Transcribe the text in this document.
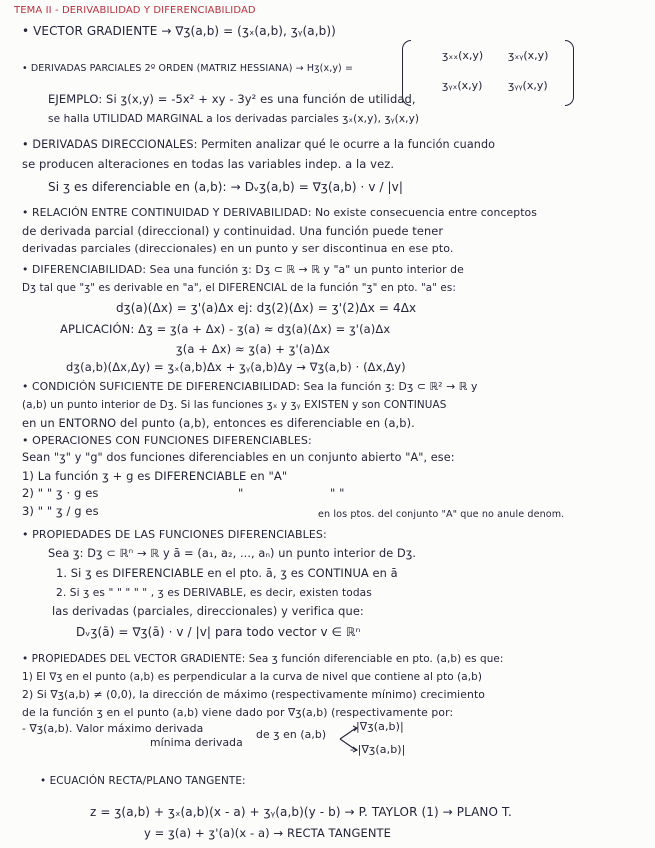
TEMA II - DERIVABILIDAD Y DIFERENCIABILIDAD
• VECTOR GRADIENTE → ∇ʒ(a,b) = (ʒₓ(a,b), ʒᵧ(a,b))
• DERIVADAS PARCIALES 2º ORDEN (MATRIZ HESSIANA) → Hʒ(x,y) =
ʒₓₓ(x,y) ʒₓᵧ(x,y)
ʒᵧₓ(x,y) ʒᵧᵧ(x,y)
EJEMPLO: Si ʒ(x,y) = -5x² + xy - 3y² es una función de utilidad,
se halla UTILIDAD MARGINAL a los derivadas parciales ʒₓ(x,y), ʒᵧ(x,y)
• DERIVADAS DIRECCIONALES: Permiten analizar qué le ocurre a la función cuando
se producen alteraciones en todas las variables indep. a la vez.
Si ʒ es diferenciable en (a,b): → Dᵥʒ(a,b) = ∇ʒ(a,b) · v / |v|
• RELACIÓN ENTRE CONTINUIDAD Y DERIVABILIDAD: No existe consecuencia entre conceptos
de derivada parcial (direccional) y continuidad. Una función puede tener
derivadas parciales (direccionales) en un punto y ser discontinua en ese pto.
• DIFERENCIABILIDAD: Sea una función ʒ: Dʒ ⊂ ℝ → ℝ y "a" un punto interior de
Dʒ tal que "ʒ" es derivable en "a", el DIFERENCIAL de la función "ʒ" en pto. "a" es:
dʒ(a)(Δx) = ʒ'(a)Δx ej: dʒ(2)(Δx) = ʒ'(2)Δx = 4Δx
APLICACIÓN: Δʒ = ʒ(a + Δx) - ʒ(a) ≈ dʒ(a)(Δx) = ʒ'(a)Δx
ʒ(a + Δx) ≈ ʒ(a) + ʒ'(a)Δx
dʒ(a,b)(Δx,Δy) = ʒₓ(a,b)Δx + ʒᵧ(a,b)Δy → ∇ʒ(a,b) · (Δx,Δy)
• CONDICIÓN SUFICIENTE DE DIFERENCIABILIDAD: Sea la función ʒ: Dʒ ⊂ ℝ² → ℝ y
(a,b) un punto interior de Dʒ. Si las funciones ʒₓ y ʒᵧ EXISTEN y son CONTINUAS
en un ENTORNO del punto (a,b), entonces es diferenciable en (a,b).
• OPERACIONES CON FUNCIONES DIFERENCIABLES:
Sean "ʒ" y "g" dos funciones diferenciables en un conjunto abierto "A", ese:
1) La función ʒ + g es DIFERENCIABLE en "A"
2) " " ʒ · g es	"	" "
3) " " ʒ / g es	en los ptos. del conjunto "A" que no anule denom.
• PROPIEDADES DE LAS FUNCIONES DIFERENCIABLES:
Sea ʒ: Dʒ ⊂ ℝⁿ → ℝ y ā = (a₁, a₂, ..., aₙ) un punto interior de Dʒ.
1. Si ʒ es DIFERENCIABLE en el pto. ā, ʒ es CONTINUA en ā
2. Si ʒ es " " " " " , ʒ es DERIVABLE, es decir, existen todas
las derivadas (parciales, direccionales) y verifica que:
Dᵥʒ(ā) = ∇ʒ(ā) · v / |v| para todo vector v ∈ ℝⁿ
• PROPIEDADES DEL VECTOR GRADIENTE: Sea ʒ función diferenciable en pto. (a,b) es que:
1) El ∇ʒ en el punto (a,b) es perpendicular a la curva de nivel que contiene al pto (a,b)
2) Si ∇ʒ(a,b) ≠ (0,0), la dirección de máximo (respectivamente mínimo) crecimiento
de la función ʒ en el punto (a,b) viene dado por ∇ʒ(a,b) (respectivamente por:
- ∇ʒ(a,b). Valor máximo derivada
mínima derivada
de ʒ en (a,b)
|∇ʒ(a,b)|
- |∇ʒ(a,b)|
• ECUACIÓN RECTA/PLANO TANGENTE:
z = ʒ(a,b) + ʒₓ(a,b)(x - a) + ʒᵧ(a,b)(y - b) → P. TAYLOR (1) → PLANO T.
y = ʒ(a) + ʒ'(a)(x - a) → RECTA TANGENTE
